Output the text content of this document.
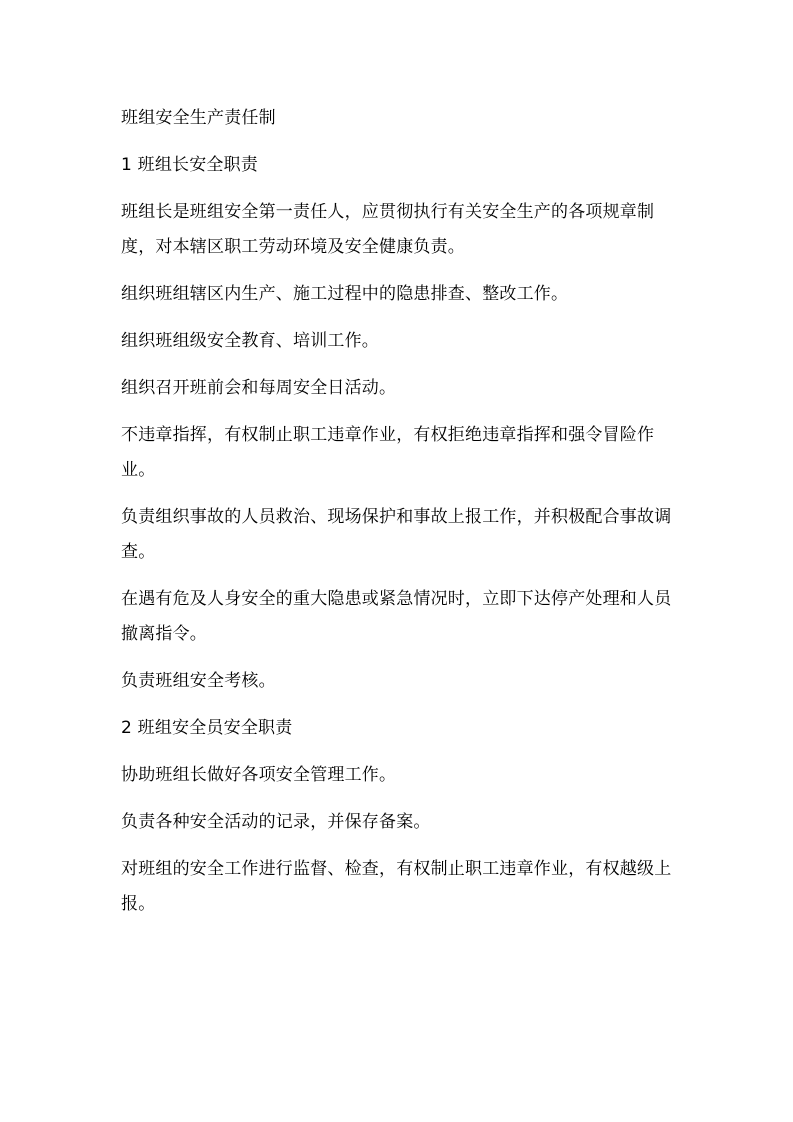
班组安全生产责任制

1 班组长安全职责

班组长是班组安全第一责任人，应贯彻执行有关安全生产的各项规章制度，对本辖区职工劳动环境及安全健康负责。

组织班组辖区内生产、施工过程中的隐患排查、整改工作。

组织班组级安全教育、培训工作。

组织召开班前会和每周安全日活动。

不违章指挥，有权制止职工违章作业，有权拒绝违章指挥和强令冒险作业。

负责组织事故的人员救治、现场保护和事故上报工作，并积极配合事故调查。

在遇有危及人身安全的重大隐患或紧急情况时，立即下达停产处理和人员撤离指令。

负责班组安全考核。

2 班组安全员安全职责

协助班组长做好各项安全管理工作。

负责各种安全活动的记录，并保存备案。

对班组的安全工作进行监督、检查，有权制止职工违章作业，有权越级上报。
